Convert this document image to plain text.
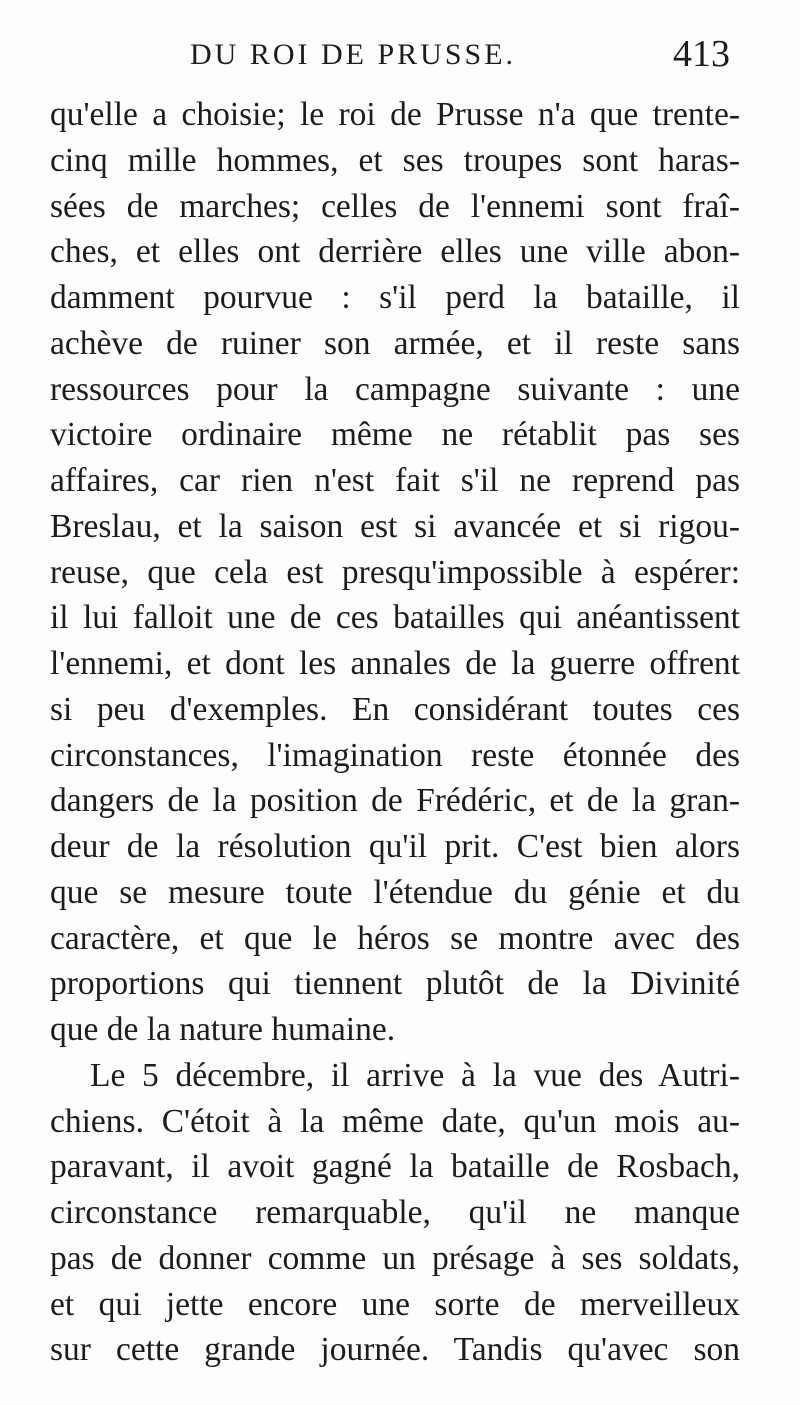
DU ROI DE PRUSSE.	413
qu'elle a choisie; le roi de Prusse n'a que trente-
cinq mille hommes, et ses troupes sont haras-
sées de marches; celles de l'ennemi sont fraî-
ches, et elles ont derrière elles une ville abon-
damment pourvue : s'il perd la bataille, il
achève de ruiner son armée, et il reste sans
ressources pour la campagne suivante : une
victoire ordinaire même ne rétablit pas ses
affaires, car rien n'est fait s'il ne reprend pas
Breslau, et la saison est si avancée et si rigou-
reuse, que cela est presqu'impossible à espérer:
il lui falloit une de ces batailles qui anéantissent
l'ennemi, et dont les annales de la guerre offrent
si peu d'exemples. En considérant toutes ces
circonstances, l'imagination reste étonnée des
dangers de la position de Frédéric, et de la gran-
deur de la résolution qu'il prit. C'est bien alors
que se mesure toute l'étendue du génie et du
caractère, et que le héros se montre avec des
proportions qui tiennent plutôt de la Divinité
que de la nature humaine.
Le 5 décembre, il arrive à la vue des Autri-
chiens. C'étoit à la même date, qu'un mois au-
paravant, il avoit gagné la bataille de Rosbach,
circonstance remarquable, qu'il ne manque
pas de donner comme un présage à ses soldats,
et qui jette encore une sorte de merveilleux
sur cette grande journée. Tandis qu'avec son
